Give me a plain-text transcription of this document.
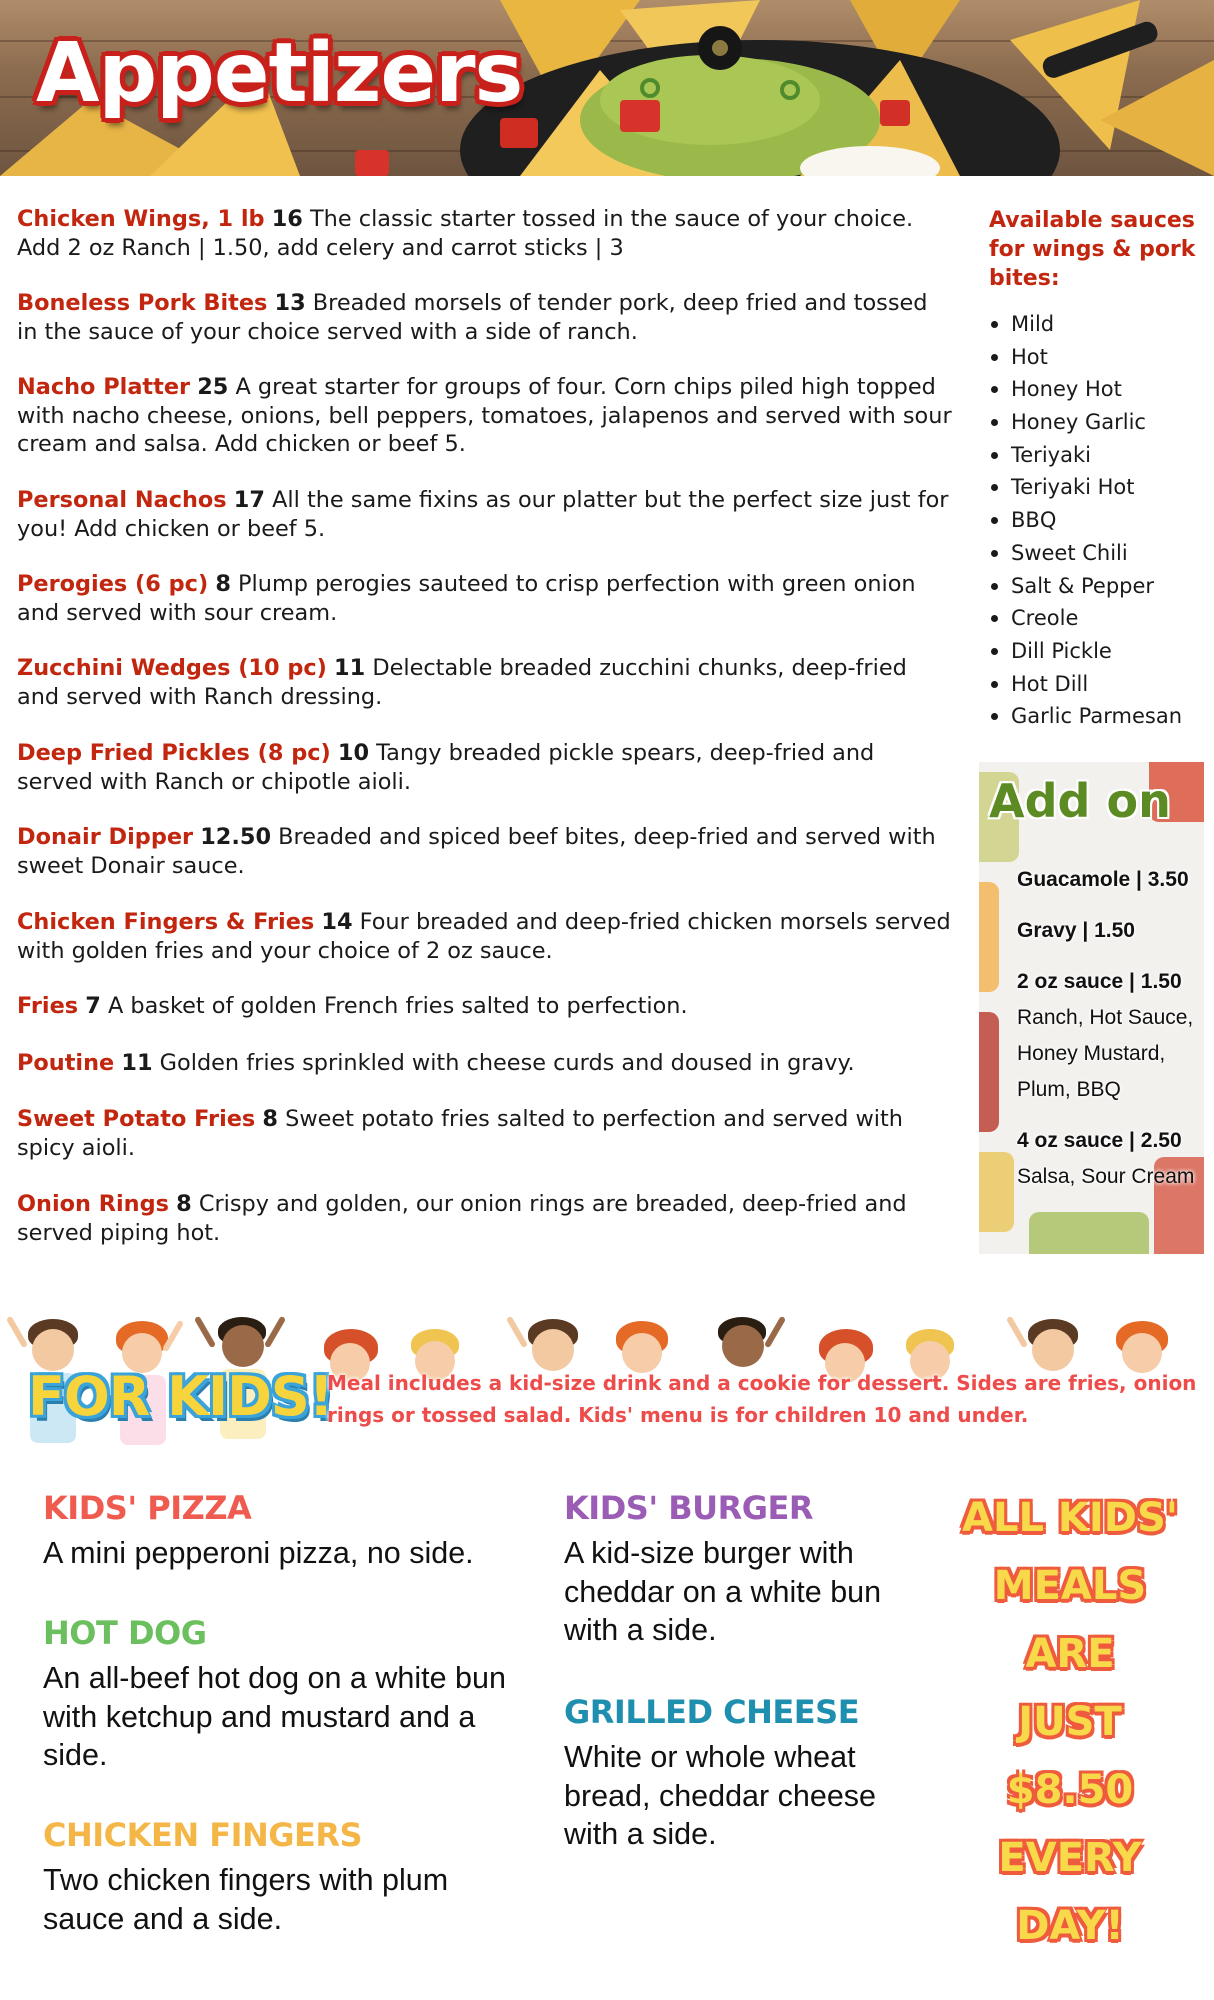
Appetizers
Chicken Wings, 1 lb 16 The classic starter tossed in the sauce of your choice. Add 2 oz Ranch | 1.50, add celery and carrot sticks | 3
Boneless Pork Bites 13 Breaded morsels of tender pork, deep fried and tossed in the sauce of your choice served with a side of ranch.
Nacho Platter 25 A great starter for groups of four. Corn chips piled high topped with nacho cheese, onions, bell peppers, tomatoes, jalapenos and served with sour cream and salsa. Add chicken or beef 5.
Personal Nachos 17 All the same fixins as our platter but the perfect size just for you! Add chicken or beef 5.
Perogies (6 pc) 8 Plump perogies sauteed to crisp perfection with green onion and served with sour cream.
Zucchini Wedges (10 pc) 11 Delectable breaded zucchini chunks, deep-fried and served with Ranch dressing.
Deep Fried Pickles (8 pc) 10 Tangy breaded pickle spears, deep-fried and served with Ranch or chipotle aioli.
Donair Dipper 12.50 Breaded and spiced beef bites, deep-fried and served with sweet Donair sauce.
Chicken Fingers & Fries 14 Four breaded and deep-fried chicken morsels served with golden fries and your choice of 2 oz sauce.
Fries 7 A basket of golden French fries salted to perfection.
Poutine 11 Golden fries sprinkled with cheese curds and doused in gravy.
Sweet Potato Fries 8 Sweet potato fries salted to perfection and served with spicy aioli.
Onion Rings 8 Crispy and golden, our onion rings are breaded, deep-fried and served piping hot.
Available sauces for wings & pork bites:
Mild
Hot
Honey Hot
Honey Garlic
Teriyaki
Teriyaki Hot
BBQ
Sweet Chili
Salt & Pepper
Creole
Dill Pickle
Hot Dill
Garlic Parmesan
Add on
Guacamole | 3.50
Gravy | 1.50
2 oz sauce | 1.50
Ranch, Hot Sauce,
Honey Mustard,
Plum, BBQ
4 oz sauce | 2.50
Salsa, Sour Cream
FOR KIDS!
Meal includes a kid-size drink and a cookie for dessert. Sides are fries, onion rings or tossed salad. Kids' menu is for children 10 and under.
KIDS' PIZZA
A mini pepperoni pizza, no side.
HOT DOG
An all-beef hot dog on a white bun with ketchup and mustard and a side.
CHICKEN FINGERS
Two chicken fingers with plum sauce and a side.
KIDS' BURGER
A kid-size burger with cheddar on a white bun with a side.
GRILLED CHEESE
White or whole wheat bread, cheddar cheese with a side.
ALL KIDS'
MEALS
ARE
JUST
$8.50
EVERY
DAY!
